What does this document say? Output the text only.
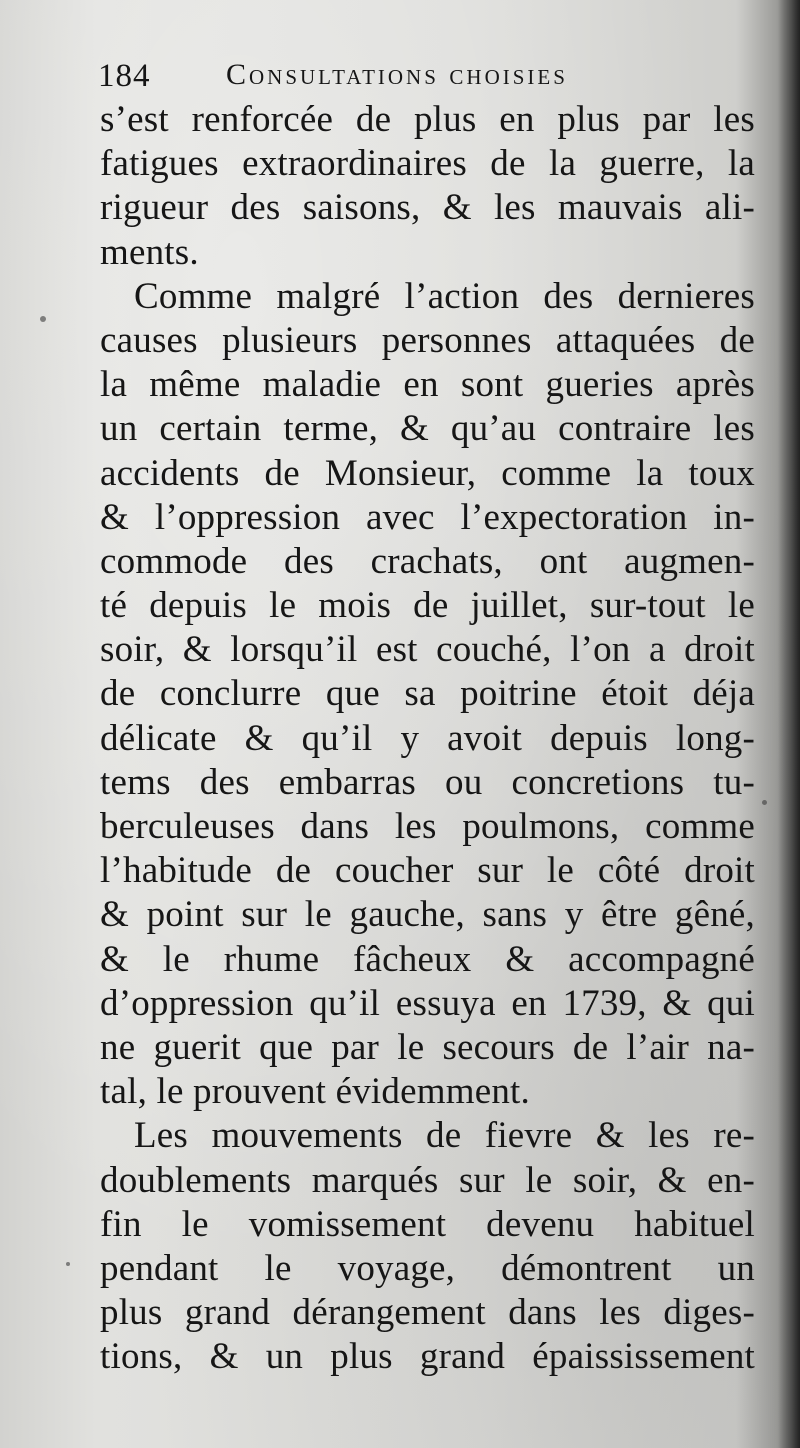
184	Consultations choisies
s’est renforcée de plus en plus par les
fatigues extraordinaires de la guerre, la
rigueur des saisons, & les mauvais ali-
ments.
Comme malgré l’action des dernieres
causes plusieurs personnes attaquées de
la même maladie en sont gueries après
un certain terme, & qu’au contraire les
accidents de Monsieur, comme la toux
& l’oppression avec l’expectoration in-
commode des crachats, ont augmen-
té depuis le mois de juillet, sur-tout le
soir, & lorsqu’il est couché, l’on a droit
de conclurre que sa poitrine étoit déja
délicate & qu’il y avoit depuis long-
tems des embarras ou concretions tu-
berculeuses dans les poulmons, comme
l’habitude de coucher sur le côté droit
& point sur le gauche, sans y être gêné,
& le rhume fâcheux & accompagné
d’oppression qu’il essuya en 1739, & qui
ne guerit que par le secours de l’air na-
tal, le prouvent évidemment.
Les mouvements de fievre & les re-
doublements marqués sur le soir, & en-
fin le vomissement devenu habituel
pendant le voyage, démontrent un
plus grand dérangement dans les diges-
tions, & un plus grand épaississement
